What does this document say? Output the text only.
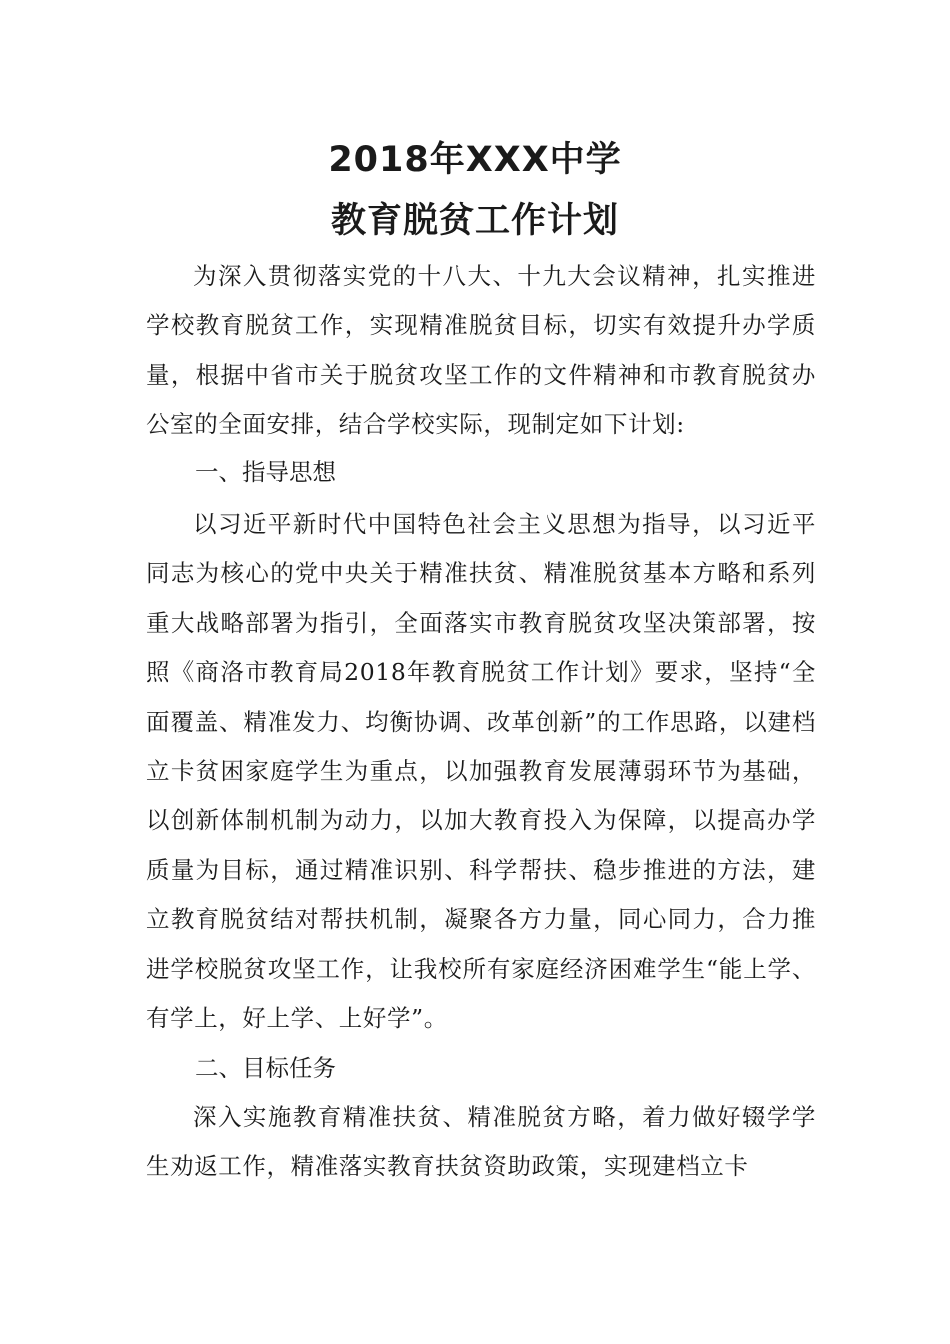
2018年XXX中学
教育脱贫工作计划

为深入贯彻落实党的十八大、十九大会议精神，扎实推进学校教育脱贫工作，实现精准脱贫目标，切实有效提升办学质量，根据中省市关于脱贫攻坚工作的文件精神和市教育脱贫办公室的全面安排，结合学校实际，现制定如下计划:

一、指导思想

以习近平新时代中国特色社会主义思想为指导，以习近平同志为核心的党中央关于精准扶贫、精准脱贫基本方略和系列重大战略部署为指引，全面落实市教育脱贫攻坚决策部署，按照《商洛市教育局2018年教育脱贫工作计划》要求，坚持“全面覆盖、精准发力、均衡协调、改革创新”的工作思路，以建档立卡贫困家庭学生为重点，以加强教育发展薄弱环节为基础，以创新体制机制为动力，以加大教育投入为保障，以提高办学质量为目标，通过精准识别、科学帮扶、稳步推进的方法，建立教育脱贫结对帮扶机制，凝聚各方力量，同心同力，合力推进学校脱贫攻坚工作，让我校所有家庭经济困难学生“能上学、有学上，好上学、上好学”。

二、目标任务

深入实施教育精准扶贫、精准脱贫方略，着力做好辍学学生劝返工作，精准落实教育扶贫资助政策，实现建档立卡
